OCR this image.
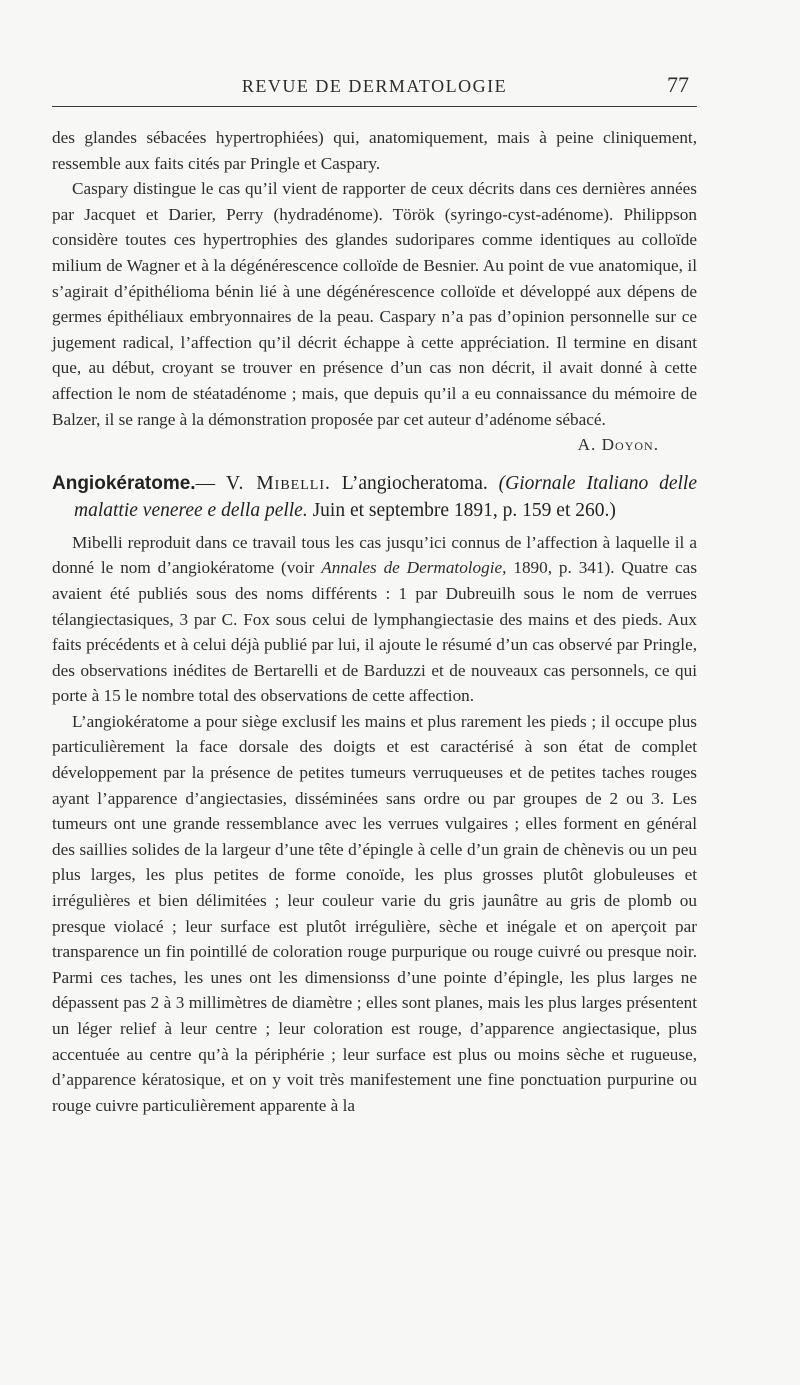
REVUE DE DERMATOLOGIE	77

des glandes sébacées hypertrophiées) qui, anatomiquement, mais à peine cliniquement, ressemble aux faits cités par Pringle et Caspary.

Caspary distingue le cas qu’il vient de rapporter de ceux décrits dans ces dernières années par Jacquet et Darier, Perry (hydradénome). Török (syringo-cyst-adénome). Philippson considère toutes ces hypertrophies des glandes sudoripares comme identiques au colloïde milium de Wagner et à la dégénérescence colloïde de Besnier. Au point de vue anatomique, il s’agirait d’épithélioma bénin lié à une dégénérescence colloïde et développé aux dépens de germes épithéliaux embryonnaires de la peau. Caspary n’a pas d’opinion personnelle sur ce jugement radical, l’affection qu’il décrit échappe à cette appréciation. Il termine en disant que, au début, croyant se trouver en présence d’un cas non décrit, il avait donné à cette affection le nom de stéatadénome ; mais, que depuis qu’il a eu connaissance du mémoire de Balzer, il se range à la démonstration proposée par cet auteur d’adénome sébacé.

A. Doyon.
Angiokératome.— V. Mibelli. L’angiocheratoma. (Giornale Italiano delle malattie veneree e della pelle. Juin et septembre 1891, p. 159 et 260.)

Mibelli reproduit dans ce travail tous les cas jusqu’ici connus de l’affection à laquelle il a donné le nom d’angiokératome (voir Annales de Dermatologie, 1890, p. 341). Quatre cas avaient été publiés sous des noms différents : 1 par Dubreuilh sous le nom de verrues télangiectasiques, 3 par C. Fox sous celui de lymphangiectasie des mains et des pieds. Aux faits précédents et à celui déjà publié par lui, il ajoute le résumé d’un cas observé par Pringle, des observations inédites de Bertarelli et de Barduzzi et de nouveaux cas personnels, ce qui porte à 15 le nombre total des observations de cette affection.

L’angiokératome a pour siège exclusif les mains et plus rarement les pieds ; il occupe plus particulièrement la face dorsale des doigts et est caractérisé à son état de complet développement par la présence de petites tumeurs verruqueuses et de petites taches rouges ayant l’apparence d’angiectasies, disséminées sans ordre ou par groupes de 2 ou 3. Les tumeurs ont une grande ressemblance avec les verrues vulgaires ; elles forment en général des saillies solides de la largeur d’une tête d’épingle à celle d’un grain de chènevis ou un peu plus larges, les plus petites de forme conoïde, les plus grosses plutôt globuleuses et irrégulières et bien délimitées ; leur couleur varie du gris jaunâtre au gris de plomb ou presque violacé ; leur surface est plutôt irrégulière, sèche et inégale et on aperçoit par transparence un fin pointillé de coloration rouge purpurique ou rouge cuivré ou presque noir. Parmi ces taches, les unes ont les dimensionss d’une pointe d’épingle, les plus larges ne dépassent pas 2 à 3 millimètres de diamètre ; elles sont planes, mais les plus larges présentent un léger relief à leur centre ; leur coloration est rouge, d’apparence angiectasique, plus accentuée au centre qu’à la périphérie ; leur surface est plus ou moins sèche et rugueuse, d’apparence kératosique, et on y voit très manifestement une fine ponctuation purpurine ou rouge cuivre particulièrement apparente à la
